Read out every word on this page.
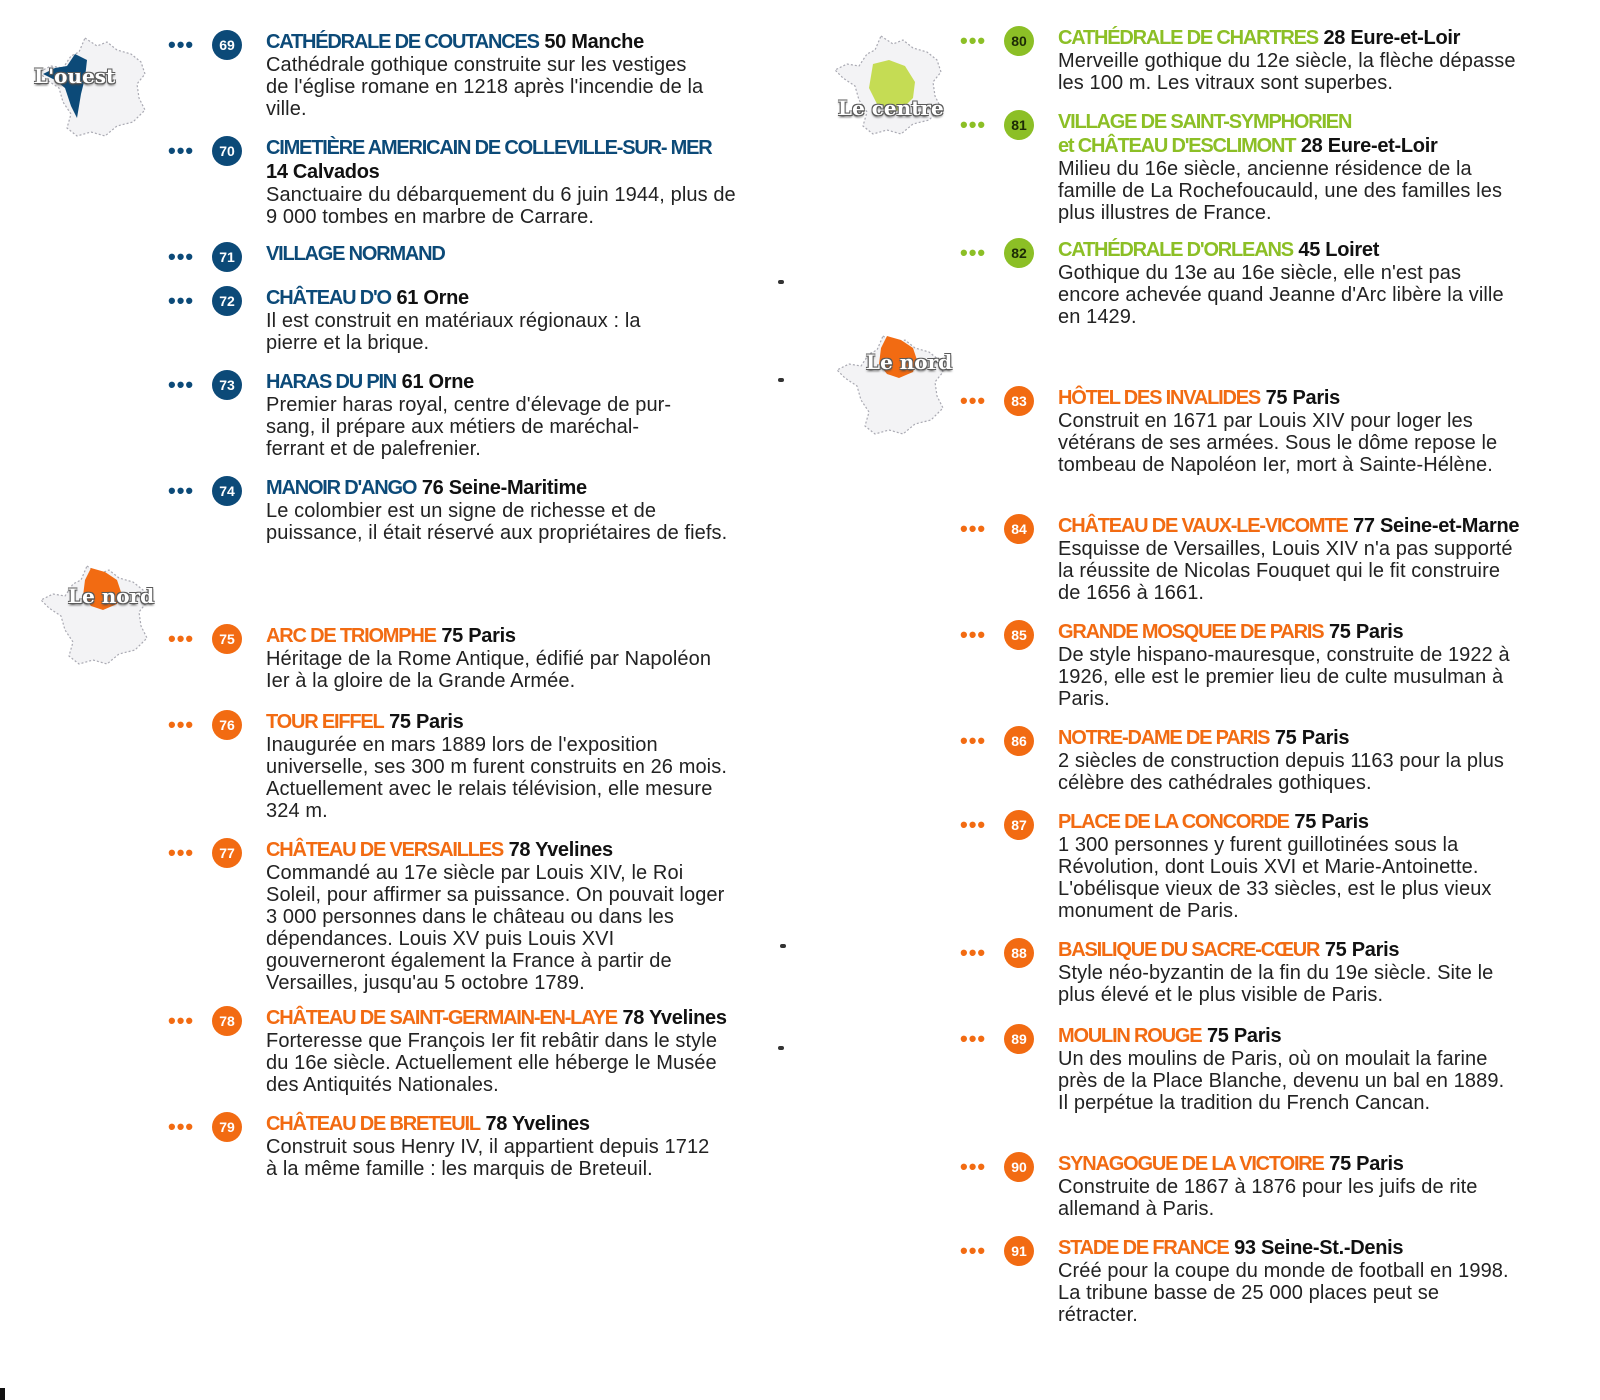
L'ouest
Le nord
Le centre
Le nord
•••	69	CATHÉDRALE DE COUTANCES 50 Manche
Cathédrale gothique construite sur les vestiges de l'église romane en 1218 après l'incendie de la ville.
•••	70	CIMETIÈRE AMERICAIN DE COLLEVILLE-SUR- MER
14 Calvados
Sanctuaire du débarquement du 6 juin 1944, plus de 9 000 tombes en marbre de Carrare.
•••	71	VILLAGE NORMAND
•••	72	CHÂTEAU D'O 61 Orne
Il est construit en matériaux régionaux : la pierre et la brique.
•••	73	HARAS DU PIN 61 Orne
Premier haras royal, centre d'élevage de pur-sang, il prépare aux métiers de maréchal-ferrant et de palefrenier.
•••	74	MANOIR D'ANGO 76 Seine-Maritime
Le colombier est un signe de richesse et de puissance, il était réservé aux propriétaires de fiefs.
•••	75	ARC DE TRIOMPHE 75 Paris
Héritage de la Rome Antique, édifié par Napoléon Ier à la gloire de la Grande Armée.
•••	76	TOUR EIFFEL 75 Paris
Inaugurée en mars 1889 lors de l'exposition universelle, ses 300 m furent construits en 26 mois. Actuellement avec le relais télévision, elle mesure 324 m.
•••	77	CHÂTEAU DE VERSAILLES 78 Yvelines
Commandé au 17e siècle par Louis XIV, le Roi Soleil, pour affirmer sa puissance. On pouvait loger 3 000 personnes dans le château ou dans les dépendances. Louis XV puis Louis XVI gouverneront également la France à partir de Versailles, jusqu'au 5 octobre 1789.
•••	78	CHÂTEAU DE SAINT-GERMAIN-EN-LAYE 78 Yvelines
Forteresse que François Ier fit rebâtir dans le style du 16e siècle. Actuellement elle héberge le Musée des Antiquités Nationales.
•••	79	CHÂTEAU DE BRETEUIL 78 Yvelines
Construit sous Henry IV, il appartient depuis 1712 à la même famille : les marquis de Breteuil.
•••	80	CATHÉDRALE DE CHARTRES 28 Eure-et-Loir
Merveille gothique du 12e siècle, la flèche dépasse les 100 m. Les vitraux sont superbes.
•••	81	VILLAGE DE SAINT-SYMPHORIEN
et CHÂTEAU D'ESCLIMONT 28 Eure-et-Loir
Milieu du 16e siècle, ancienne résidence de la famille de La Rochefoucauld, une des familles les plus illustres de France.
•••	82	CATHÉDRALE D'ORLEANS 45 Loiret
Gothique du 13e au 16e siècle, elle n'est pas encore achevée quand Jeanne d'Arc libère la ville en 1429.
•••	83	HÔTEL DES INVALIDES 75 Paris
Construit en 1671 par Louis XIV pour loger les vétérans de ses armées. Sous le dôme repose le tombeau de Napoléon Ier, mort à Sainte-Hélène.
•••	84	CHÂTEAU DE VAUX-LE-VICOMTE 77 Seine-et-Marne
Esquisse de Versailles, Louis XIV n'a pas supporté la réussite de Nicolas Fouquet qui le fit construire de 1656 à 1661.
•••	85	GRANDE MOSQUEE DE PARIS 75 Paris
De style hispano-mauresque, construite de 1922 à 1926, elle est le premier lieu de culte musulman à Paris.
•••	86	NOTRE-DAME DE PARIS 75 Paris
2 siècles de construction depuis 1163 pour la plus célèbre des cathédrales gothiques.
•••	87	PLACE DE LA CONCORDE 75 Paris
1 300 personnes y furent guillotinées sous la Révolution, dont Louis XVI et Marie-Antoinette. L'obélisque vieux de 33 siècles, est le plus vieux monument de Paris.
•••	88	BASILIQUE DU SACRE-CŒUR 75 Paris
Style néo-byzantin de la fin du 19e siècle. Site le plus élevé et le plus visible de Paris.
•••	89	MOULIN ROUGE 75 Paris
Un des moulins de Paris, où on moulait la farine près de la Place Blanche, devenu un bal en 1889. Il perpétue la tradition du French Cancan.
•••	90	SYNAGOGUE DE LA VICTOIRE 75 Paris
Construite de 1867 à 1876 pour les juifs de rite allemand à Paris.
•••	91	STADE DE FRANCE 93 Seine-St.-Denis
Créé pour la coupe du monde de football en 1998. La tribune basse de 25 000 places peut se rétracter.
